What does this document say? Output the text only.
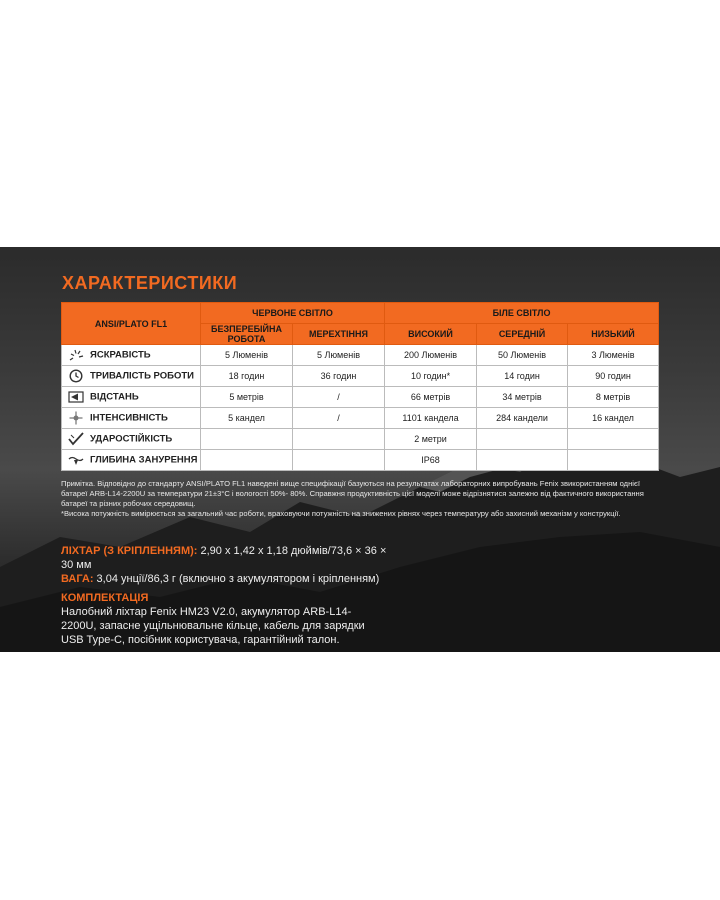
ХАРАКТЕРИСТИКИ
ANSI/PLATO FL1	ЧЕРВОНЕ СВІТЛО		БІЛЕ СВІТЛО		
	БЕЗПЕРЕБІЙНА РОБОТА	МЕРЕХТІННЯ	ВИСОКИЙ	СЕРЕДНІЙ	НИЗЬКИЙ

ЯСКРАВІСТЬ	5 Люменів	5 Люменів	200 Люменів	50 Люменів	3 Люменів

ТРИВАЛІСТЬ РОБОТИ	18 годин	36 годин	10 годин*	14 годин	90 годин

ВІДСТАНЬ	5 метрів	/	66 метрів	34 метрів	8 метрів

ІНТЕНСИВНІСТЬ	5 кандел	/	1101 кандела	284 кандели	16 кандел

УДАРОСТІЙКІСТЬ			2 метри		

ГЛИБИНА ЗАНУРЕННЯ			IP68		

Примітка. Відповідно до стандарту ANSI/PLATO FL1 наведені вище специфікації базуються на результатах лабораторних випробувань Fenix звикористанням однієї батареї ARB-L14-2200U за температури 21±3°C і вологості 50%- 80%. Справжня продуктивність цієї моделі може відрізнятися залежно від фактичного використання батареї та різних робочих середовищ.

*Висока потужність вимірюється за загальний час роботи, враховуючи потужність на знижених рівнях через температуру або захисний механізм у конструкції.

ЛІХТАР (З КРІПЛЕННЯМ): 2,90 х 1,42 х 1,18 дюймів/73,6 × 36 × 30 мм

ВАГА: 3,04 унції/86,3 г (включно з акумулятором і кріпленням)

КОМПЛЕКТАЦІЯ

Налобний ліхтар Fenix HM23 V2.0, акумулятор ARB-L14-2200U, запасне ущільнювальне кільце, кабель для зарядки USB Type-C, посібник користувача, гарантійний талон.
